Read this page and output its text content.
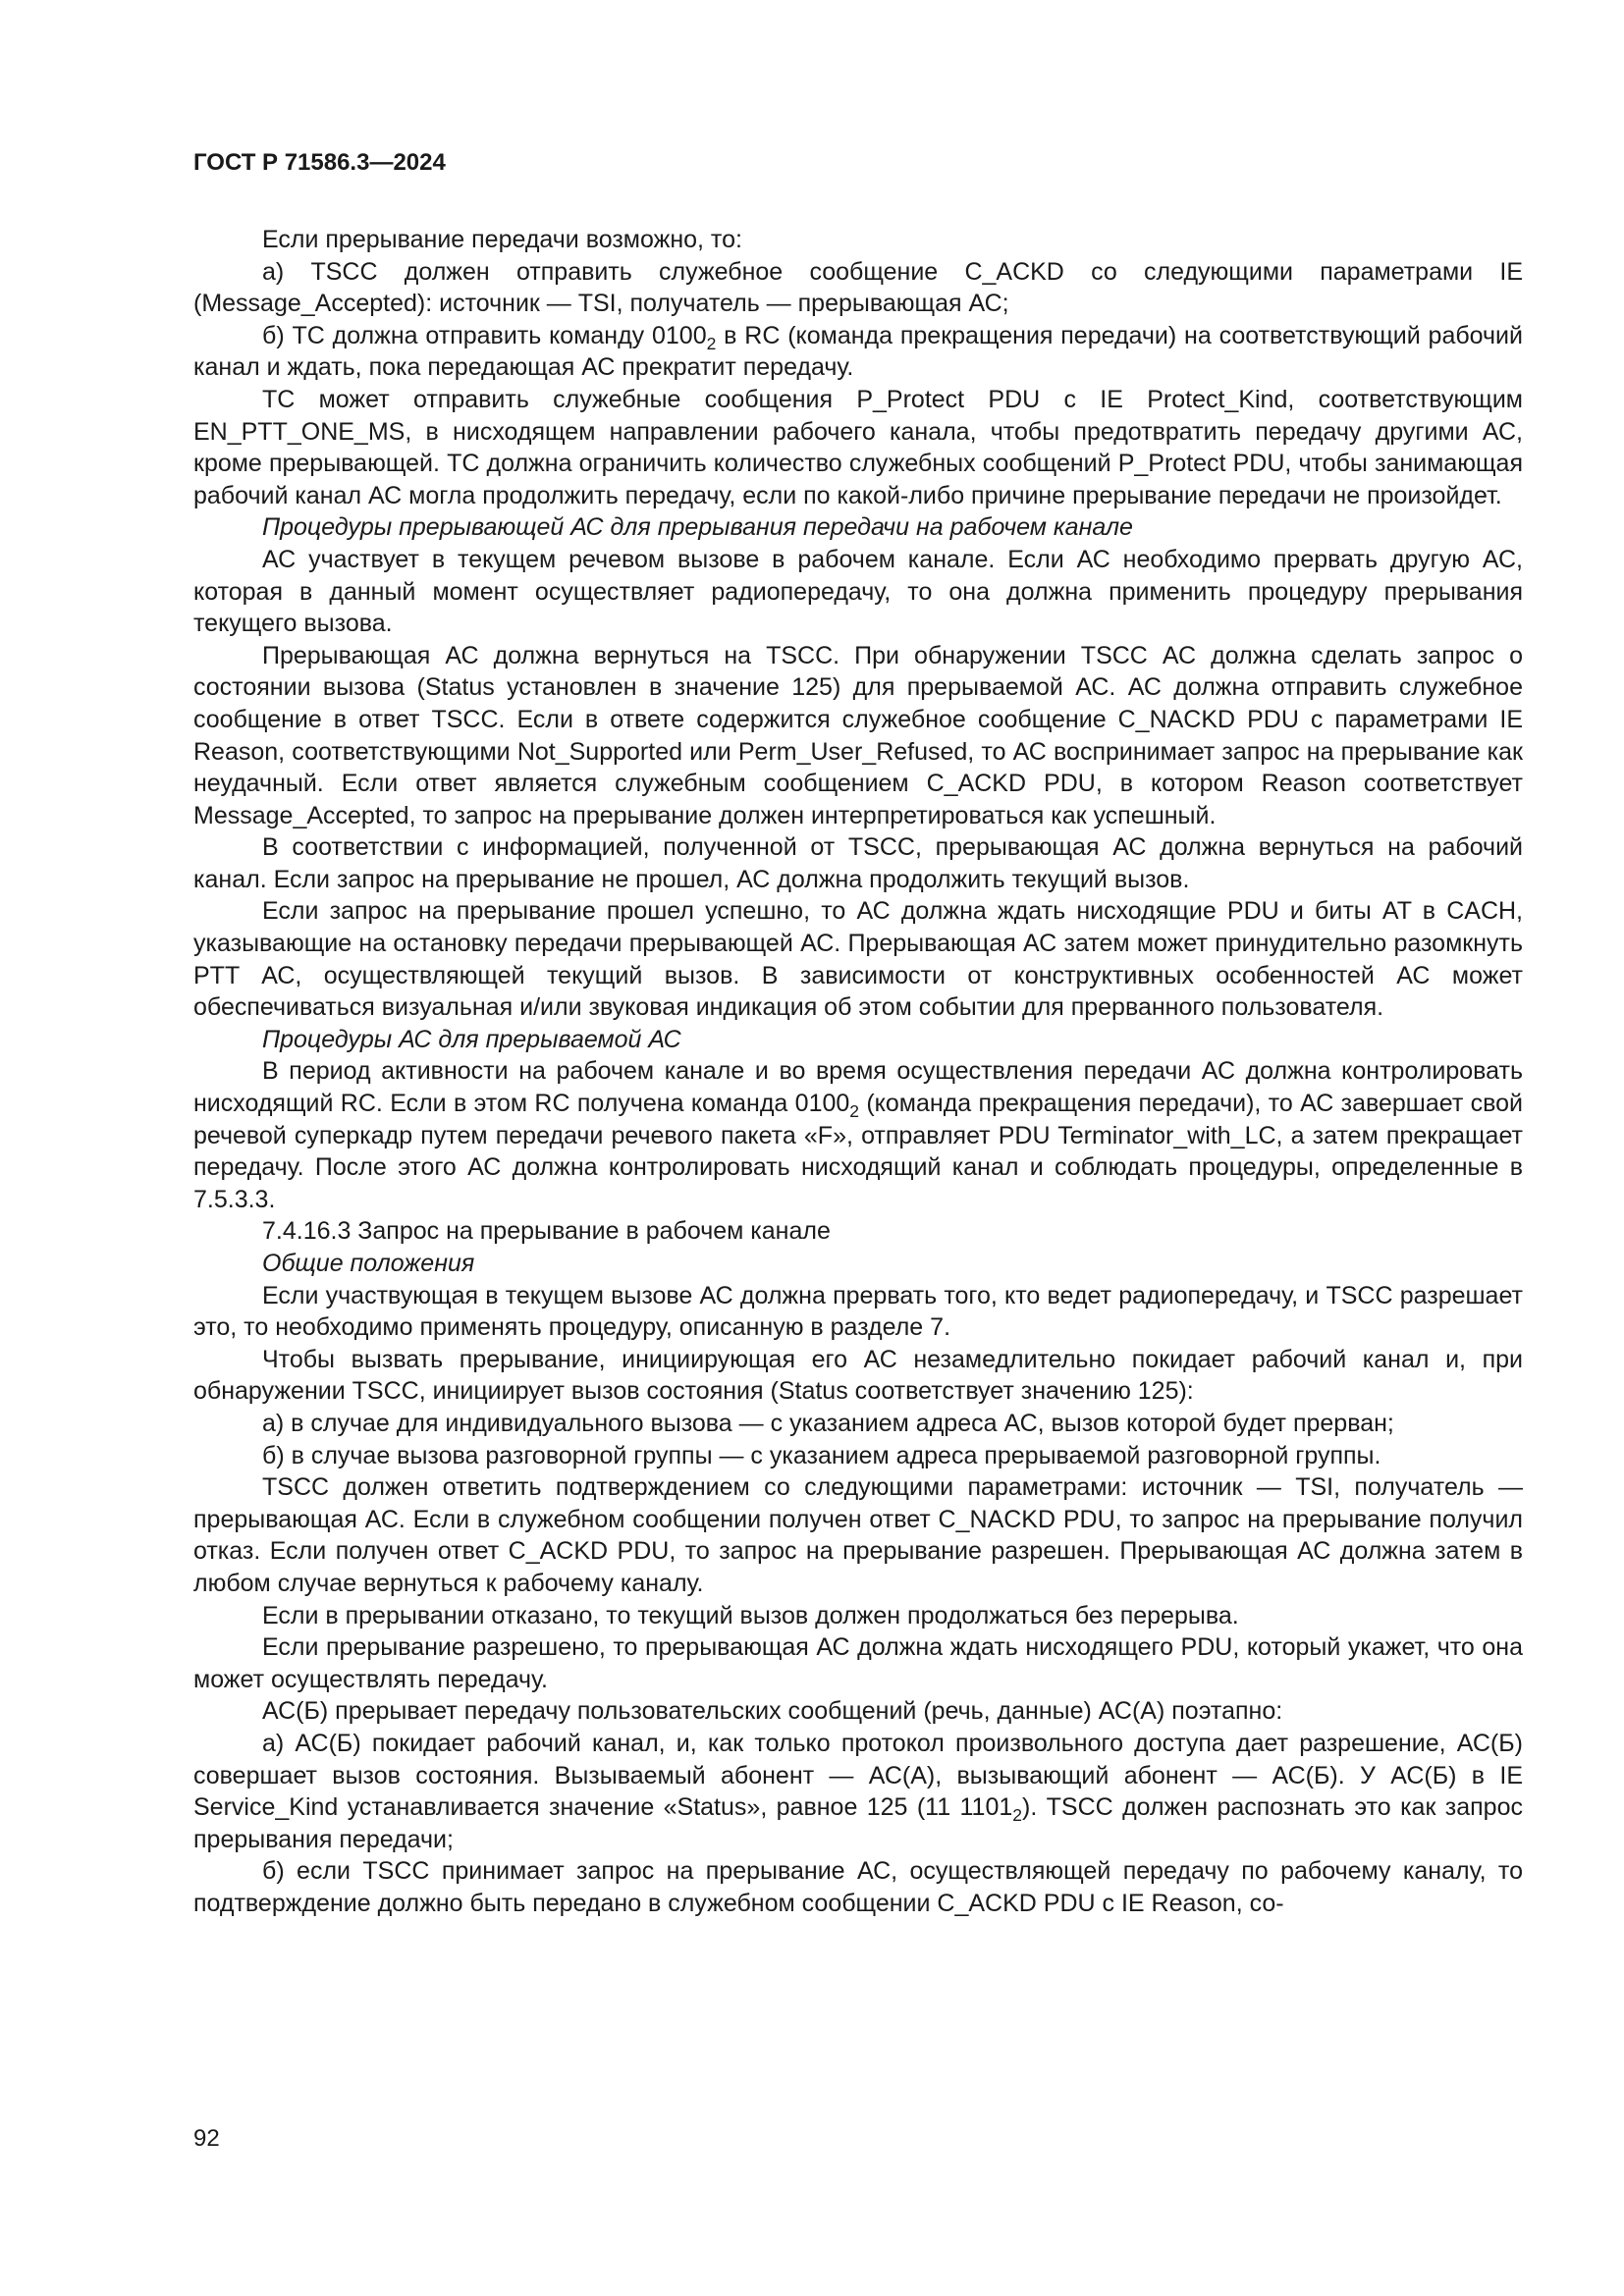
ГОСТ Р 71586.3—2024

Если прерывание передачи возможно, то:

а) TSCC должен отправить служебное сообщение C_ACKD со следующими параметрами IE (Message_Accepted): источник — TSI, получатель — прерывающая АС;

б) ТС должна отправить команду $0100_2$ в RC (команда прекращения передачи) на соответствующий рабочий канал и ждать, пока передающая АС прекратит передачу.

ТС может отправить служебные сообщения P_Protect PDU с IE Protect_Kind, соответствующим EN_PTT_ONE_MS, в нисходящем направлении рабочего канала, чтобы предотвратить передачу другими АС, кроме прерывающей. ТС должна ограничить количество служебных сообщений P_Protect PDU, чтобы занимающая рабочий канал АС могла продолжить передачу, если по какой-либо причине прерывание передачи не произойдет.

Процедуры прерывающей АС для прерывания передачи на рабочем канале

АС участвует в текущем речевом вызове в рабочем канале. Если АС необходимо прервать другую АС, которая в данный момент осуществляет радиопередачу, то она должна применить процедуру прерывания текущего вызова.

Прерывающая АС должна вернуться на TSCC. При обнаружении TSCC АС должна сделать запрос о состоянии вызова (Status установлен в значение 125) для прерываемой АС. АС должна отправить служебное сообщение в ответ TSCC. Если в ответе содержится служебное сообщение C_NACKD PDU с параметрами IE Reason, соответствующими Not_Supported или Perm_User_Refused, то АС воспринимает запрос на прерывание как неудачный. Если ответ является служебным сообщением C_ACKD PDU, в котором Reason соответствует Message_Accepted, то запрос на прерывание должен интерпретироваться как успешный.

В соответствии с информацией, полученной от TSCC, прерывающая АС должна вернуться на рабочий канал. Если запрос на прерывание не прошел, АС должна продолжить текущий вызов.

Если запрос на прерывание прошел успешно, то АС должна ждать нисходящие PDU и биты AT в CACH, указывающие на остановку передачи прерывающей АС. Прерывающая АС затем может принудительно разомкнуть PTT АС, осуществляющей текущий вызов. В зависимости от конструктивных особенностей АС может обеспечиваться визуальная и/или звуковая индикация об этом событии для прерванного пользователя.

Процедуры АС для прерываемой АС

В период активности на рабочем канале и во время осуществления передачи АС должна контролировать нисходящий RC. Если в этом RC получена команда $0100_2$ (команда прекращения передачи), то АС завершает свой речевой суперкадр путем передачи речевого пакета «F», отправляет PDU Terminator_with_LC, а затем прекращает передачу. После этого АС должна контролировать нисходящий канал и соблюдать процедуры, определенные в 7.5.3.3.

7.4.16.3 Запрос на прерывание в рабочем канале

Общие положения

Если участвующая в текущем вызове АС должна прервать того, кто ведет радиопередачу, и TSCC разрешает это, то необходимо применять процедуру, описанную в разделе 7.

Чтобы вызвать прерывание, инициирующая его АС незамедлительно покидает рабочий канал и, при обнаружении TSCC, инициирует вызов состояния (Status соответствует значению 125):

а) в случае для индивидуального вызова — с указанием адреса АС, вызов которой будет прерван;

б) в случае вызова разговорной группы — с указанием адреса прерываемой разговорной группы.

TSCC должен ответить подтверждением со следующими параметрами: источник — TSI, получатель — прерывающая АС. Если в служебном сообщении получен ответ C_NACKD PDU, то запрос на прерывание получил отказ. Если получен ответ C_ACKD PDU, то запрос на прерывание разрешен. Прерывающая АС должна затем в любом случае вернуться к рабочему каналу.

Если в прерывании отказано, то текущий вызов должен продолжаться без перерыва.

Если прерывание разрешено, то прерывающая АС должна ждать нисходящего PDU, который укажет, что она может осуществлять передачу.

АС(Б) прерывает передачу пользовательских сообщений (речь, данные) АС(А) поэтапно:

а) АС(Б) покидает рабочий канал, и, как только протокол произвольного доступа дает разрешение, АС(Б) совершает вызов состояния. Вызываемый абонент — АС(А), вызывающий абонент — АС(Б). У АС(Б) в IE Service_Kind устанавливается значение «Status», равное 125 (11 $1101_2$). TSCC должен распознать это как запрос прерывания передачи;

б) если TSCC принимает запрос на прерывание АС, осуществляющей передачу по рабочему каналу, то подтверждение должно быть передано в служебном сообщении C_ACKD PDU с IE Reason, со-

92
